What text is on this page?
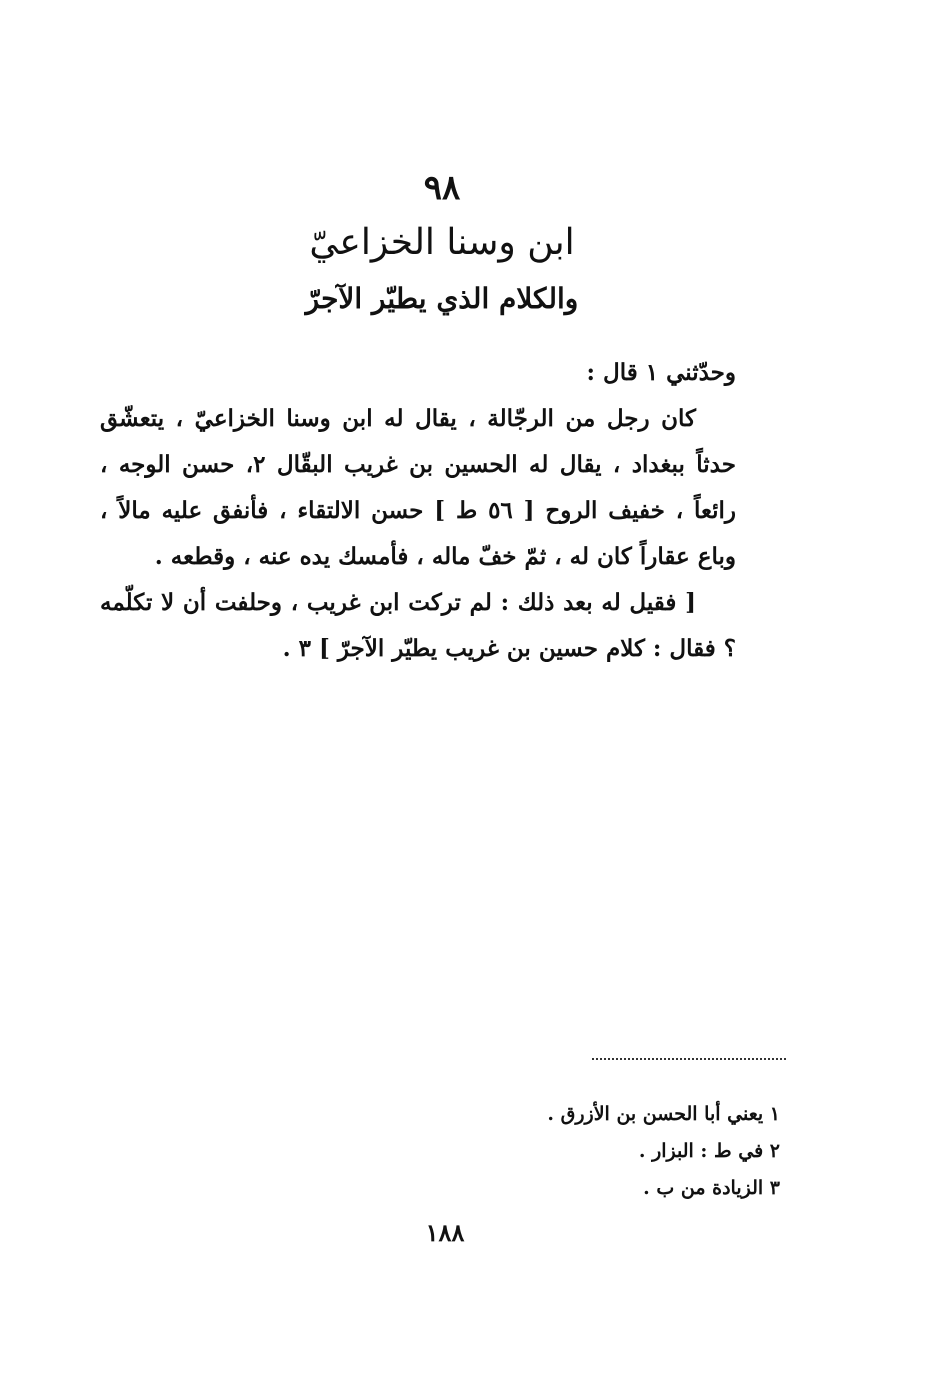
٩٨
ابن وسنا الخزاعيّ
والكلام الذي يطيّر الآجرّ

وحدّثني ١ قال :

كان رجل من الرجّالة ، يقال له ابن وسنا الخزاعيّ ، يتعشّق حدثاً ببغداد ، يقال له الحسين بن غريب البقّال ٢، حسن الوجه ، رائعاً ، خفيف الروح [ ٥٦ ط ] حسن الالتقاء ، فأنفق عليه مالاً ، وباع عقاراً كان له ، ثمّ خفّ ماله ، فأمسك يده عنه ، وقطعه .

[ فقيل له بعد ذلك : لم تركت ابن غريب ، وحلفت أن لا تكلّمه ؟ فقال : كلام حسين بن غريب يطيّر الآجرّ ] ٣ .

١ يعني أبا الحسن بن الأزرق .
٢ في ط : البزار .
٣ الزيادة من ب .
١٨٨
